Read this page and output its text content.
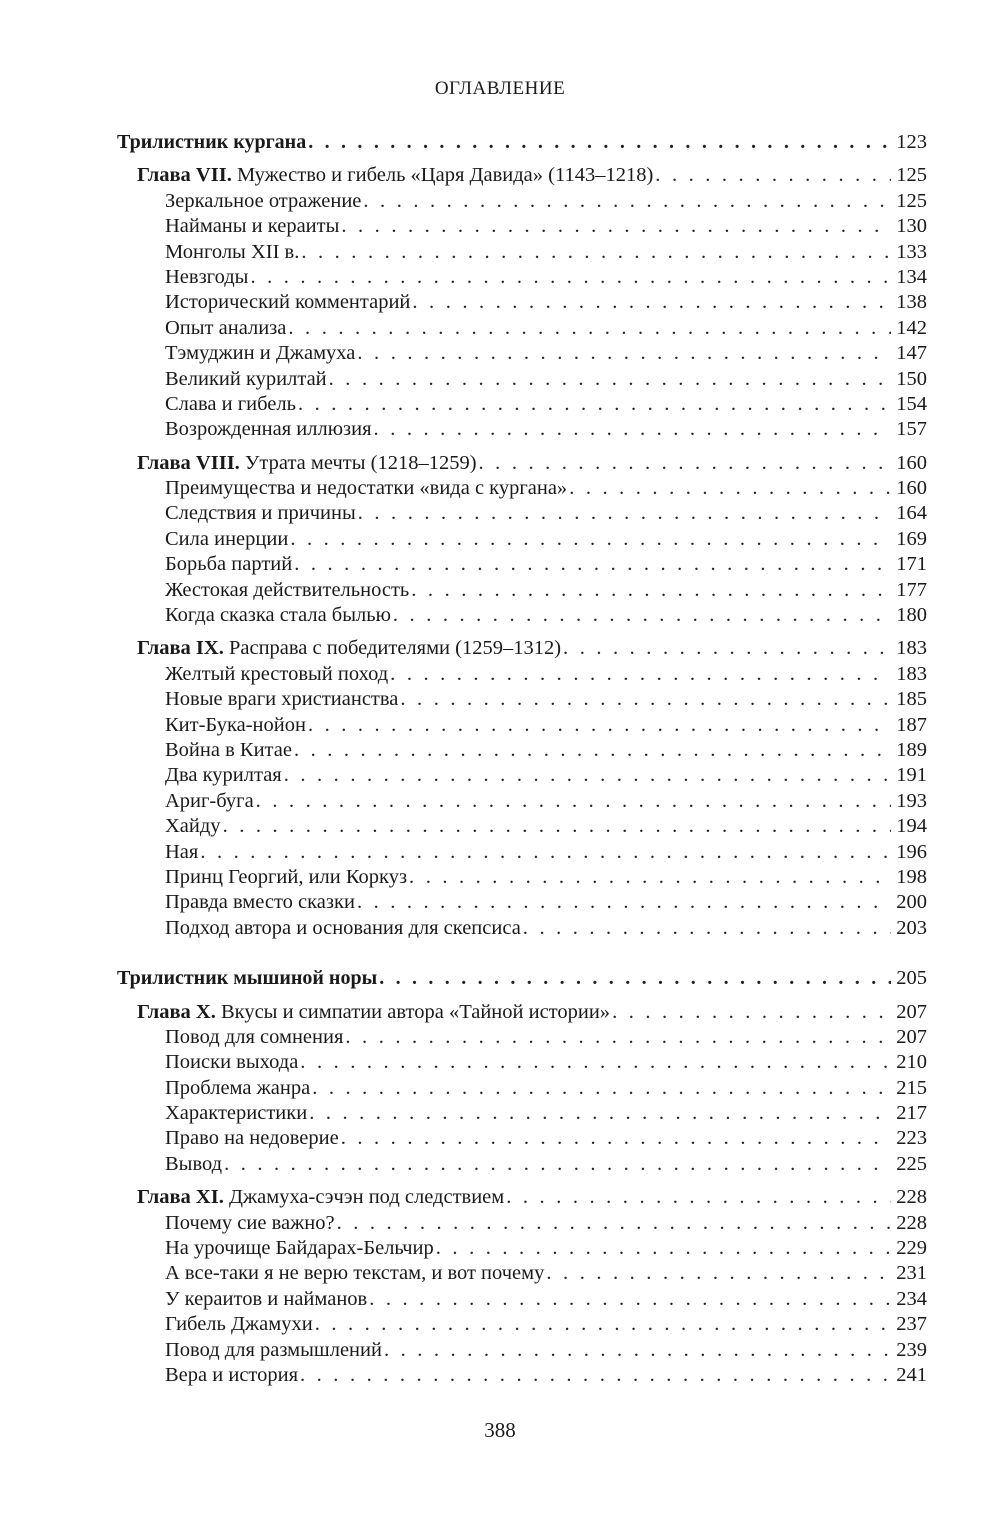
ОГЛАВЛЕНИЕ
Трилистник кургана . . .	123
Глава VII. Мужество и гибель «Царя Давида» (1143–1218) . . .	125
Зеркальное отражение . . .	125
Найманы и кераиты . . .	130
Монголы XII в. . . .	133
Невзгоды . . .	134
Исторический комментарий . . .	138
Опыт анализа . . .	142
Тэмуджин и Джамуха . . .	147
Великий курилтай . . .	150
Слава и гибель . . .	154
Возрожденная иллюзия . . .	157
Глава VIII. Утрата мечты (1218–1259) . . .	160
Преимущества и недостатки «вида с кургана» . . .	160
Следствия и причины . . .	164
Сила инерции . . .	169
Борьба партий . . .	171
Жестокая действительность . . .	177
Когда сказка стала былью . . .	180
Глава IX. Расправа с победителями (1259–1312) . . .	183
Желтый крестовый поход . . .	183
Новые враги христианства . . .	185
Кит-Бука-нойон . . .	187
Война в Китае . . .	189
Два курилтая . . .	191
Ариг-буга . . .	193
Хайду . . .	194
Ная . . .	196
Принц Георгий, или Коркуз . . .	198
Правда вместо сказки . . .	200
Подход автора и основания для скепсиса . . .	203
Трилистник мышиной норы . . .	205
Глава X. Вкусы и симпатии автора «Тайной истории» . . .	207
Повод для сомнения . . .	207
Поиски выхода . . .	210
Проблема жанра . . .	215
Характеристики . . .	217
Право на недоверие . . .	223
Вывод . . .	225
Глава XI. Джамуха-сэчэн под следствием . . .	228
Почему сие важно? . . .	228
На урочище Байдарах-Бельчир . . .	229
А все-таки я не верю текстам, и вот почему . . .	231
У кераитов и найманов . . .	234
Гибель Джамухи . . .	237
Повод для размышлений . . .	239
Вера и история . . .	241
388
